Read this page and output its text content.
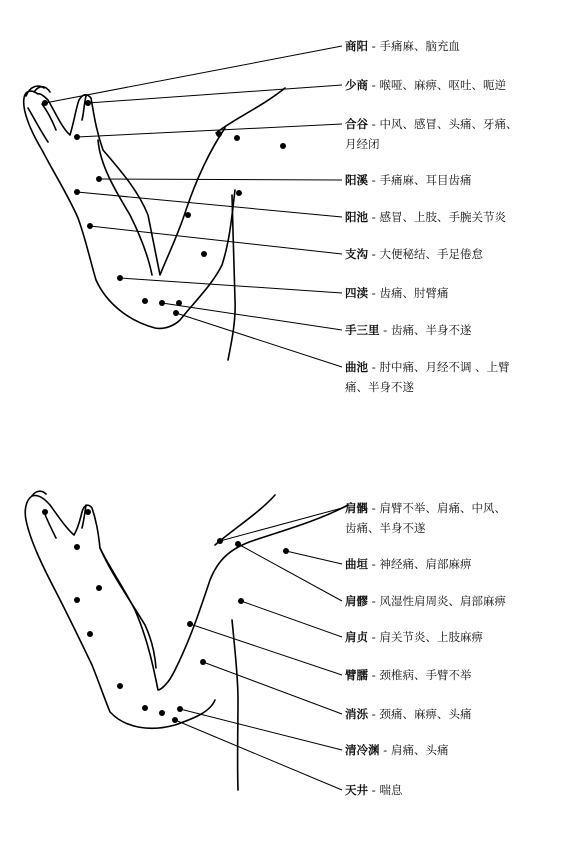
商阳 - 手痛麻、脑充血
少商 - 喉哑、麻痹、呕吐、呃逆
合谷 - 中风、感冒、头痛、牙痛、
月经闭
阳溪 - 手痛麻、耳目齿痛
阳池 - 感冒、上肢、手腕关节炎
支沟 - 大便秘结、手足倦怠
四渎 - 齿痛、肘臂痛
手三里 - 齿痛、半身不遂
曲池 - 肘中痛、月经不调 、上臂
痛、半身不遂
肩髃 - 肩臂不举、肩痛、中风、
齿痛、半身不遂
曲垣 - 神经痛、肩部麻痹
肩髎 - 风湿性肩周炎、肩部麻痹
肩贞 - 肩关节炎、上肢麻痹
臂臑 - 颈椎病、手臂不举
消泺 - 颈痛、麻痹、头痛
清冷渊 - 肩痛、头痛
天井 - 喘息
